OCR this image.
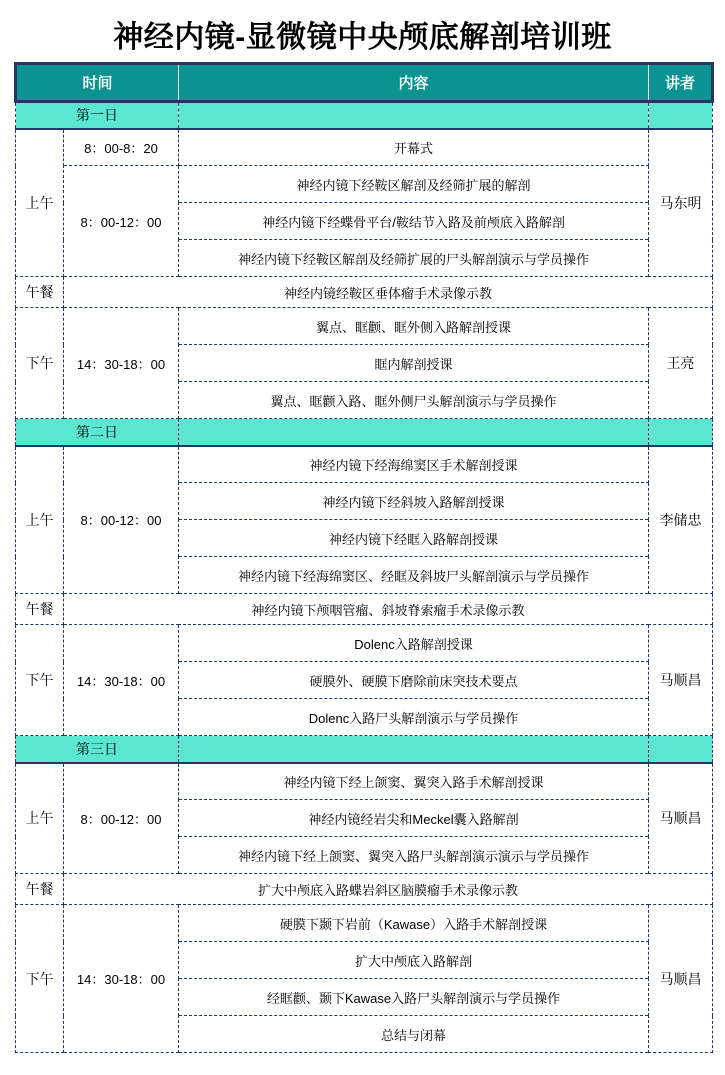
神经内镜-显微镜中央颅底解剖培训班
时间		内容	讲者
第一日			
上午	8：00-8：20	开幕式	马东明
	8：00-12：00	神经内镜下经鞍区解剖及经筛扩展的解剖	
		神经内镜下经蝶骨平台/鞍结节入路及前颅底入路解剖	
		神经内镜下经鞍区解剖及经筛扩展的尸头解剖演示与学员操作	
午餐	神经内镜经鞍区垂体瘤手术录像示教		
下午	14：30-18：00	翼点、眶颧、眶外侧入路解剖授课	王亮
		眶内解剖授课	
		翼点、眶颧入路、眶外侧尸头解剖演示与学员操作	
第二日			
上午	8：00-12：00	神经内镜下经海绵窦区手术解剖授课	李储忠
		神经内镜下经斜坡入路解剖授课	
		神经内镜下经眶入路解剖授课	
		神经内镜下经海绵窦区、经眶及斜坡尸头解剖演示与学员操作	
午餐	神经内镜下颅咽管瘤、斜坡脊索瘤手术录像示教		
下午	14：30-18：00	Dolenc入路解剖授课	马顺昌
		硬膜外、硬膜下磨除前床突技术要点	
		Dolenc入路尸头解剖演示与学员操作	
第三日			
上午	8：00-12：00	神经内镜下经上颌窦、翼突入路手术解剖授课	马顺昌
		神经内镜经岩尖和Meckel囊入路解剖	
		神经内镜下经上颌窦、翼突入路尸头解剖演示演示与学员操作	
午餐	扩大中颅底入路蝶岩斜区脑膜瘤手术录像示教		
下午	14：30-18：00	硬膜下颞下岩前（Kawase）入路手术解剖授课	马顺昌
		扩大中颅底入路解剖	
		经眶颧、颞下Kawase入路尸头解剖演示与学员操作	
		总结与闭幕	
